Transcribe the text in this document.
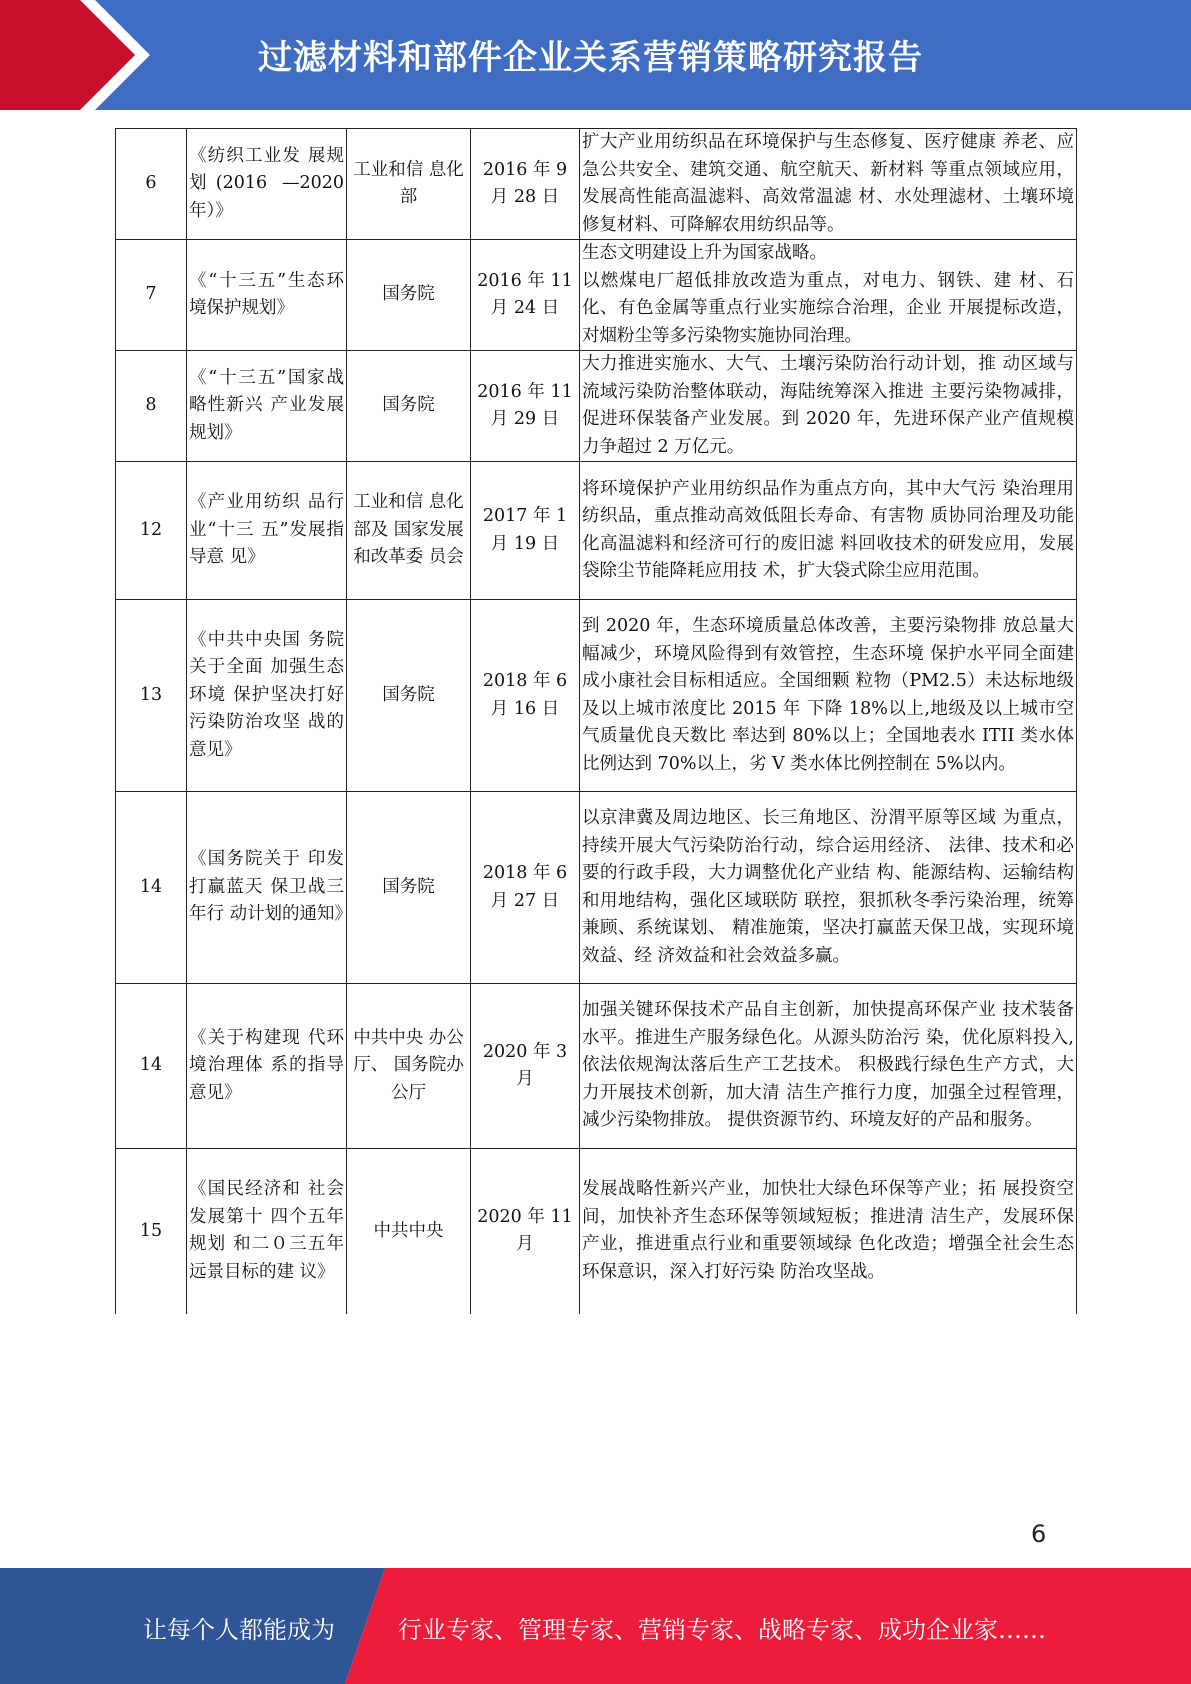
过滤材料和部件企业关系营销策略研究报告
6	《纺织工业发 展规划(2016 —2020 年）》	工业和信 息化部	2016 年 9 月 28 日	扩大产业用纺织品在环境保护与生态修复、医疗健康 养老、应急公共安全、建筑交通、航空航天、新材料 等重点领域应用，发展高性能高温滤料、高效常温滤 材、水处理滤材、土壤环境修复材料、可降解农用纺织品等。

7	《“十三五”生态环境保护规划》	国务院	2016 年 11 月 24 日	生态文明建设上升为国家战略。
以燃煤电厂超低排放改造为重点，对电力、钢铁、建 材、石化、有色金属等重点行业实施综合治理，企业 开展提标改造，对烟粉尘等多污染物实施协同治理。

8	《“十三五”国家战略性新兴 产业发展规划》	国务院	2016 年 11 月 29 日	大力推进实施水、大气、土壤污染防治行动计划，推 动区域与流域污染防治整体联动，海陆统筹深入推进 主要污染物减排，促进环保装备产业发展。到 2020 年，先进环保产业产值规模力争超过 2 万亿元。

12	《产业用纺织 品行业“十三 五”发展指导意 见》	工业和信 息化部及 国家发展 和改革委 员会	2017 年 1 月 19 日	将环境保护产业用纺织品作为重点方向，其中大气污 染治理用纺织品，重点推动高效低阻长寿命、有害物 质协同治理及功能化高温滤料和经济可行的废旧滤 料回收技术的研发应用，发展袋除尘节能降耗应用技 术，扩大袋式除尘应用范围。

13	《中共中央国 务院关于全面 加强生态环境 保护坚决打好 污染防治攻坚 战的意见》	国务院	2018 年 6 月 16 日	到 2020 年，生态环境质量总体改善，主要污染物排 放总量大幅减少，环境风险得到有效管控，生态环境 保护水平同全面建成小康社会目标相适应。全国细颗 粒物（PM2.5）未达标地级及以上城市浓度比 2015 年 下降 18%以上,地级及以上城市空气质量优良天数比 率达到 80%以上；全国地表水 ITII 类水体比例达到 70%以上，劣 V 类水体比例控制在 5%以内。

14	《国务院关于 印发打赢蓝天 保卫战三年行 动计划的通知》	国务院	2018 年 6 月 27 日	以京津冀及周边地区、长三角地区、汾渭平原等区域 为重点，持续开展大气污染防治行动，综合运用经济、 法律、技术和必要的行政手段，大力调整优化产业结 构、能源结构、运输结构和用地结构，强化区域联防 联控，狠抓秋冬季污染治理，统筹兼顾、系统谋划、 精准施策，坚决打赢蓝天保卫战，实现环境效益、经 济效益和社会效益多赢。

14	《关于构建现 代环境治理体 系的指导意见》	中共中央 办公厅、 国务院办 公厅	2020 年 3 月	加强关键环保技术产品自主创新，加快提高环保产业 技术装备水平。推进生产服务绿色化。从源头防治污 染，优化原料投入,依法依规淘汰落后生产工艺技术。 积极践行绿色生产方式，大力开展技术创新，加大清 洁生产推行力度，加强全过程管理，减少污染物排放。 提供资源节约、环境友好的产品和服务。

15	《国民经济和 社会发展第十 四个五年规划 和二０三五年 远景目标的建 议》	中共中央	2020 年 11月	发展战略性新兴产业，加快壮大绿色环保等产业；拓 展投资空间，加快补齐生态环保等领域短板；推进清 洁生产，发展环保产业，推进重点行业和重要领域绿 色化改造；增强全社会生态环保意识，深入打好污染 防治攻坚战。
6
让每个人都能成为	行业专家、管理专家、营销专家、战略专家、成功企业家……
